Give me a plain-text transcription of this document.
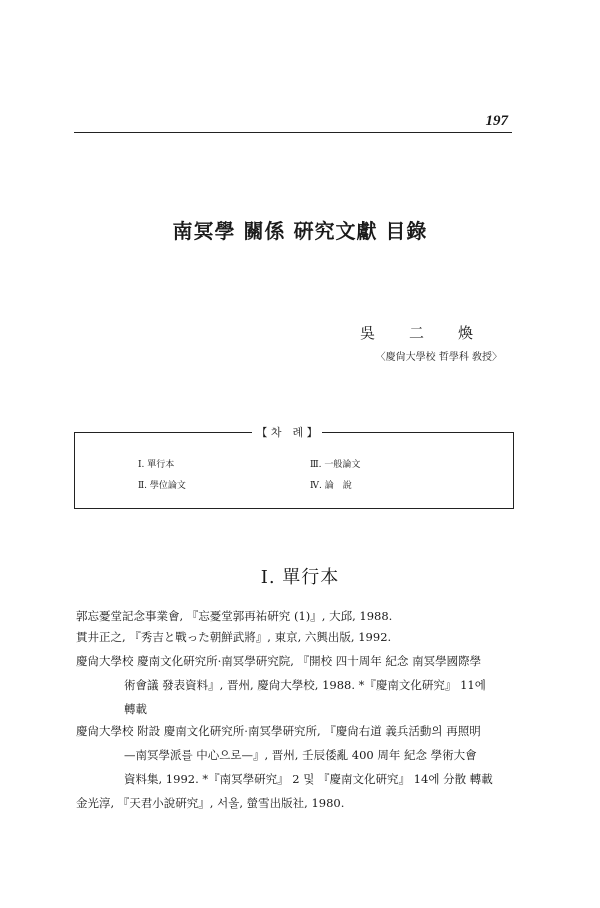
197
南冥學 關係 硏究文獻 目錄
吳二煥
〈慶尙大學校 哲學科 敎授〉
【 차　례 】
Ⅰ. 單行本
Ⅱ. 學位論文
Ⅲ. 一般論文
Ⅳ. 論　說
Ⅰ. 單行本
郭忘憂堂記念事業會, 『忘憂堂郭再祐硏究 (1)』, 大邱, 1988.
貫井正之, 『秀吉と戰った朝鮮武將』, 東京, 六興出版, 1992.
慶尙大學校 慶南文化硏究所·南冥學硏究院, 『開校 四十周年 紀念 南冥學國際學
術會議 發表資料』, 晋州, 慶尙大學校, 1988. *『慶南文化硏究』 11에
轉載
慶尙大學校 附設 慶南文化硏究所·南冥學硏究所, 『慶尙右道 義兵活動의 再照明
—南冥學派를 中心으로—』, 晋州, 壬辰倭亂 400 周年 紀念 學術大會
資料集, 1992. *『南冥學硏究』 2 및 『慶南文化硏究』 14에 分散 轉載
金光淳, 『天君小說硏究』, 서울, 螢雪出版社, 1980.
